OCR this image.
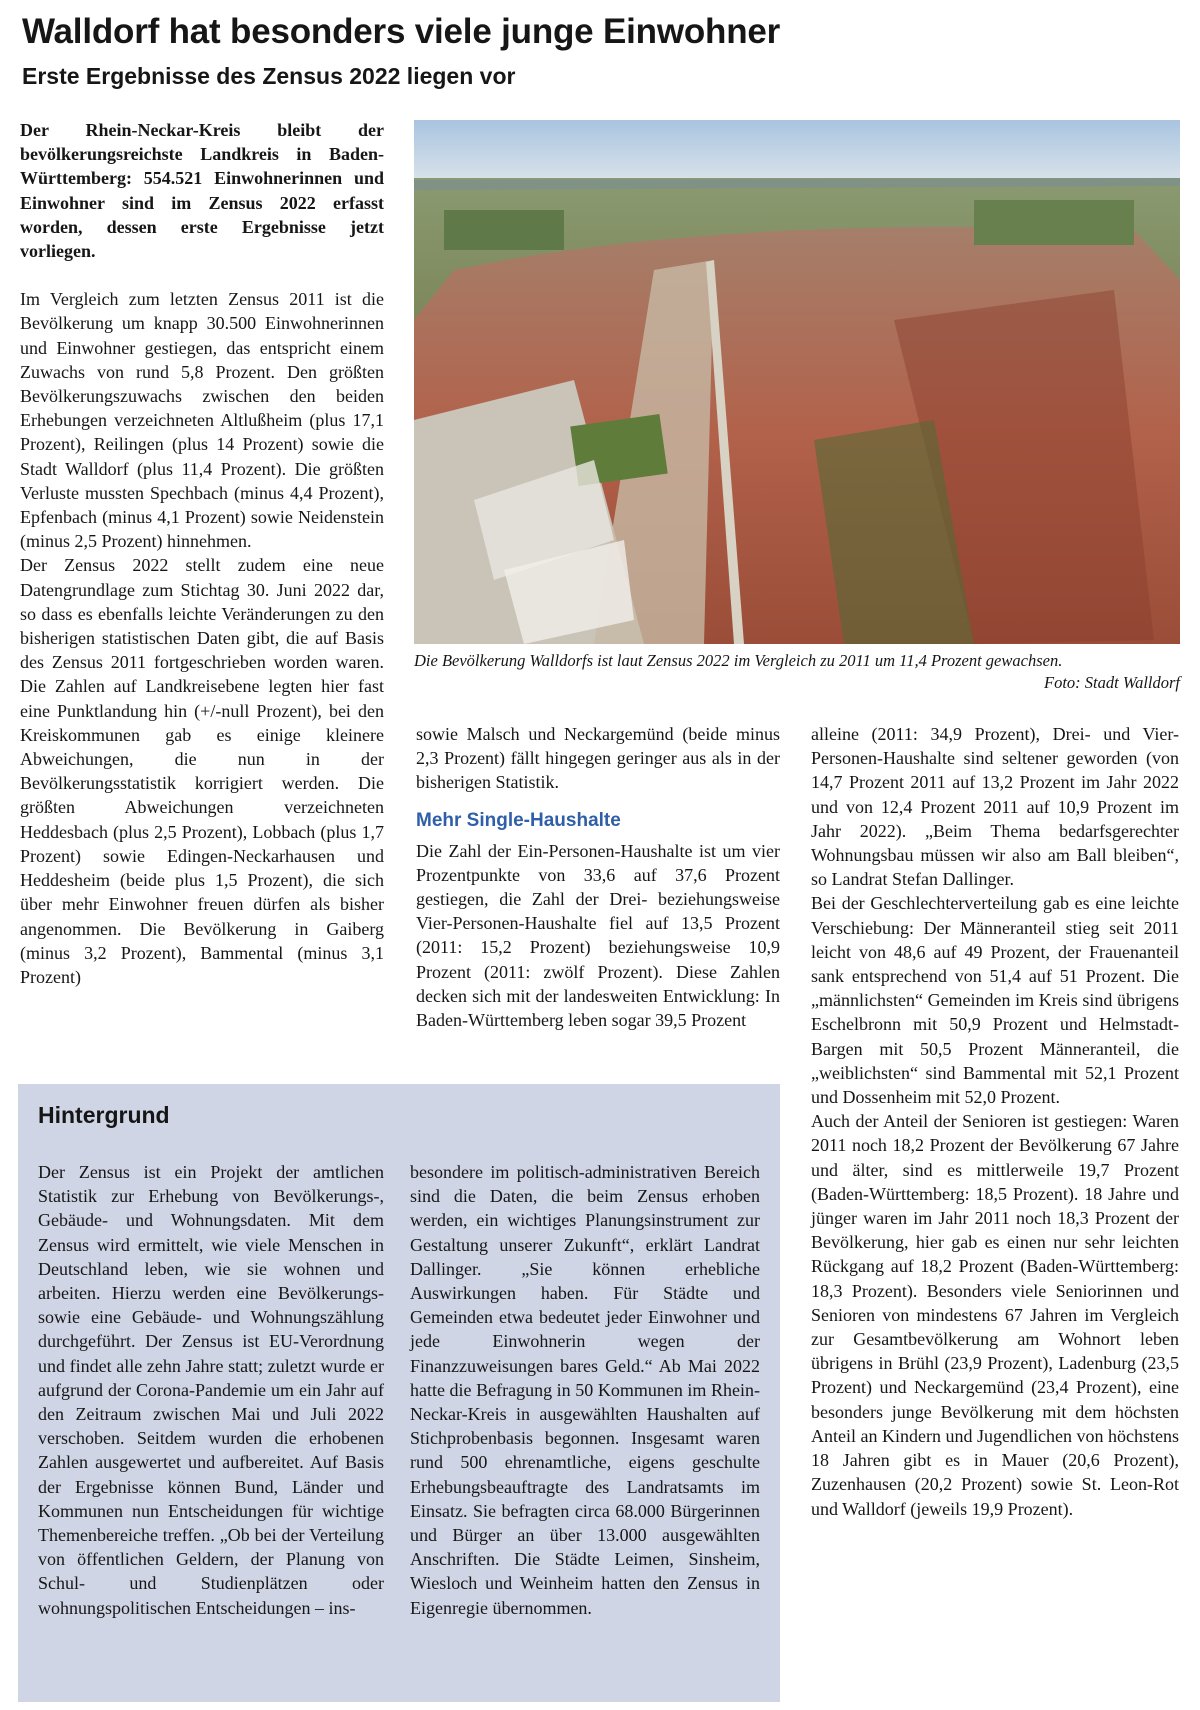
Walldorf hat besonders viele junge Einwohner
Erste Ergebnisse des Zensus 2022 liegen vor

Der Rhein-Neckar-Kreis bleibt der bevölkerungsreichste Landkreis in Baden-Württemberg: 554.521 Einwohnerinnen und Einwohner sind im Zensus 2022 erfasst worden, dessen erste Ergebnisse jetzt vorliegen.

Im Vergleich zum letzten Zensus 2011 ist die Bevölkerung um knapp 30.500 Einwohnerinnen und Einwohner gestiegen, das entspricht einem Zuwachs von rund 5,8 Prozent. Den größten Bevölkerungszuwachs zwischen den beiden Erhebungen verzeichneten Altlußheim (plus 17,1 Prozent), Reilingen (plus 14 Prozent) sowie die Stadt Walldorf (plus 11,4 Prozent). Die größten Verluste mussten Spechbach (minus 4,4 Prozent), Epfenbach (minus 4,1 Prozent) sowie Neidenstein (minus 2,5 Prozent) hinnehmen.

Der Zensus 2022 stellt zudem eine neue Datengrundlage zum Stichtag 30. Juni 2022 dar, so dass es ebenfalls leichte Veränderungen zu den bisherigen statistischen Daten gibt, die auf Basis des Zensus 2011 fortgeschrieben worden waren. Die Zahlen auf Landkreisebene legten hier fast eine Punktlandung hin (+/-null Prozent), bei den Kreiskommunen gab es einige kleinere Abweichungen, die nun in der Bevölkerungsstatistik korrigiert werden. Die größten Abweichungen verzeichneten Heddesbach (plus 2,5 Prozent), Lobbach (plus 1,7 Prozent) sowie Edingen-Neckarhausen und Heddesheim (beide plus 1,5 Prozent), die sich über mehr Einwohner freuen dürfen als bisher angenommen. Die Bevölkerung in Gaiberg (minus 3,2 Prozent), Bammental (minus 3,1 Prozent)

Die Bevölkerung Walldorfs ist laut Zensus 2022 im Vergleich zu 2011 um 11,4 Prozent gewachsen.
Foto: Stadt Walldorf

sowie Malsch und Neckargemünd (beide minus 2,3 Prozent) fällt hingegen geringer aus als in der bisherigen Statistik.

Mehr Single-Haushalte

Die Zahl der Ein-Personen-Haushalte ist um vier Prozentpunkte von 33,6 auf 37,6 Prozent gestiegen, die Zahl der Drei- beziehungsweise Vier-Personen-Haushalte fiel auf 13,5 Prozent (2011: 15,2 Prozent) beziehungsweise 10,9 Prozent (2011: zwölf Prozent). Diese Zahlen decken sich mit der landesweiten Entwicklung: In Baden-Württemberg leben sogar 39,5 Prozent

alleine (2011: 34,9 Prozent), Drei- und Vier-Personen-Haushalte sind seltener geworden (von 14,7 Prozent 2011 auf 13,2 Prozent im Jahr 2022 und von 12,4 Prozent 2011 auf 10,9 Prozent im Jahr 2022). „Beim Thema bedarfsgerechter Wohnungsbau müssen wir also am Ball bleiben“, so Landrat Stefan Dallinger.

Bei der Geschlechterverteilung gab es eine leichte Verschiebung: Der Männeranteil stieg seit 2011 leicht von 48,6 auf 49 Prozent, der Frauenanteil sank entsprechend von 51,4 auf 51 Prozent. Die „männlichsten“ Gemeinden im Kreis sind übrigens Eschelbronn mit 50,9 Prozent und Helmstadt-Bargen mit 50,5 Prozent Männeranteil, die „weiblichsten“ sind Bammental mit 52,1 Prozent und Dossenheim mit 52,0 Prozent.

Auch der Anteil der Senioren ist gestiegen: Waren 2011 noch 18,2 Prozent der Bevölkerung 67 Jahre und älter, sind es mittlerweile 19,7 Prozent (Baden-Württemberg: 18,5 Prozent). 18 Jahre und jünger waren im Jahr 2011 noch 18,3 Prozent der Bevölkerung, hier gab es einen nur sehr leichten Rückgang auf 18,2 Prozent (Baden-Württemberg: 18,3 Prozent). Besonders viele Seniorinnen und Senioren von mindestens 67 Jahren im Vergleich zur Gesamtbevölkerung am Wohnort leben übrigens in Brühl (23,9 Prozent), Ladenburg (23,5 Prozent) und Neckargemünd (23,4 Prozent), eine besonders junge Bevölkerung mit dem höchsten Anteil an Kindern und Jugendlichen von höchstens 18 Jahren gibt es in Mauer (20,6 Prozent), Zuzenhausen (20,2 Prozent) sowie St. Leon-Rot und Walldorf (jeweils 19,9 Prozent).

Hintergrund

Der Zensus ist ein Projekt der amtlichen Statistik zur Erhebung von Bevölkerungs-, Gebäude- und Wohnungsdaten. Mit dem Zensus wird ermittelt, wie viele Menschen in Deutschland leben, wie sie wohnen und arbeiten. Hierzu werden eine Bevölkerungs- sowie eine Gebäude- und Wohnungszählung durchgeführt. Der Zensus ist EU-Verordnung und findet alle zehn Jahre statt; zuletzt wurde er aufgrund der Corona-Pandemie um ein Jahr auf den Zeitraum zwischen Mai und Juli 2022 verschoben. Seitdem wurden die erhobenen Zahlen ausgewertet und aufbereitet. Auf Basis der Ergebnisse können Bund, Länder und Kommunen nun Entscheidungen für wichtige Themenbereiche treffen. „Ob bei der Verteilung von öffentlichen Geldern, der Planung von Schul- und Studienplätzen oder wohnungspolitischen Entscheidungen – ins-

besondere im politisch-administrativen Bereich sind die Daten, die beim Zensus erhoben werden, ein wichtiges Planungsinstrument zur Gestaltung unserer Zukunft“, erklärt Landrat Dallinger. „Sie können erhebliche Auswirkungen haben. Für Städte und Gemeinden etwa bedeutet jeder Einwohner und jede Einwohnerin wegen der Finanzzuweisungen bares Geld.“ Ab Mai 2022 hatte die Befragung in 50 Kommunen im Rhein-Neckar-Kreis in ausgewählten Haushalten auf Stichprobenbasis begonnen. Insgesamt waren rund 500 ehrenamtliche, eigens geschulte Erhebungsbeauftragte des Landratsamts im Einsatz. Sie befragten circa 68.000 Bürgerinnen und Bürger an über 13.000 ausgewählten Anschriften. Die Städte Leimen, Sinsheim, Wiesloch und Weinheim hatten den Zensus in Eigenregie übernommen.
